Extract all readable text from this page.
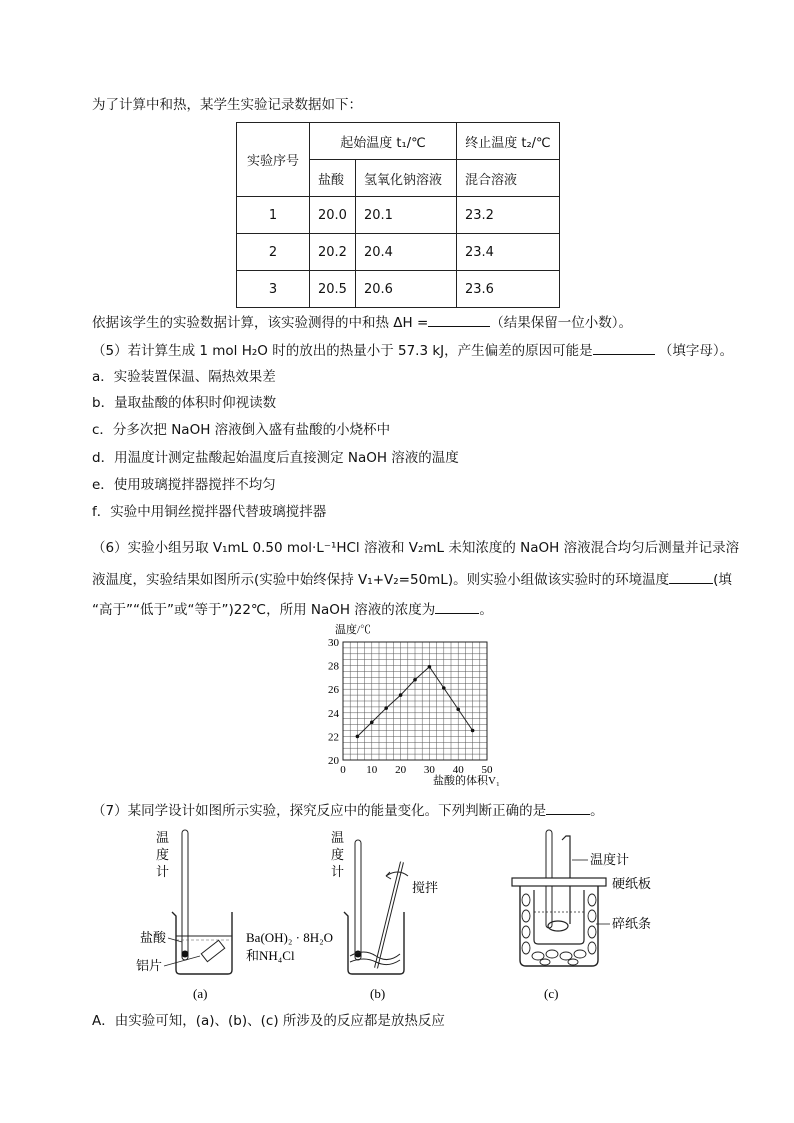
为了计算中和热，某学生实验记录数据如下：
实验序号	起始温度 t₁/℃		终止温度 t₂/℃
	盐酸	氢氧化钠溶液	混合溶液
1	20.0	20.1	23.2
2	20.2	20.4	23.4
3	20.5	20.6	23.6
依据该学生的实验数据计算，该实验测得的中和热 ΔH =	（结果保留一位小数）。
（5）若计算生成 1 mol H₂O 时的放出的热量小于 57.3 kJ，产生偏差的原因可能是	（填字母）。
a．实验装置保温、隔热效果差
b．量取盐酸的体积时仰视读数
c．分多次把 NaOH 溶液倒入盛有盐酸的小烧杯中
d．用温度计测定盐酸起始温度后直接测定 NaOH 溶液的温度
e．使用玻璃搅拌器搅拌不均匀
f．实验中用铜丝搅拌器代替玻璃搅拌器
（6）实验小组另取 V₁mL 0.50 mol·L⁻¹HCl 溶液和 V₂mL 未知浓度的 NaOH 溶液混合均匀后测量并记录溶
液温度，实验结果如图所示(实验中始终保持 V₁+V₂=50mL)。则实验小组做该实验时的环境温度	(填
“高于”“低于”或“等于”)22℃，所用 NaOH 溶液的浓度为	。
温度/℃
20
22
24
26
28
30
0 10 20 30 40 50
盐酸的体积V₁
（7）某同学设计如图所示实验，探究反应中的能量变化。下列判断正确的是	。
温
度
计
盐酸
铝片
(a)
温
度
计
搅拌
Ba(OH)₂ · 8H₂O
和NH₄Cl
(b)
温度计
硬纸板
碎纸条
(c)
A．由实验可知，(a)、(b)、(c) 所涉及的反应都是放热反应
